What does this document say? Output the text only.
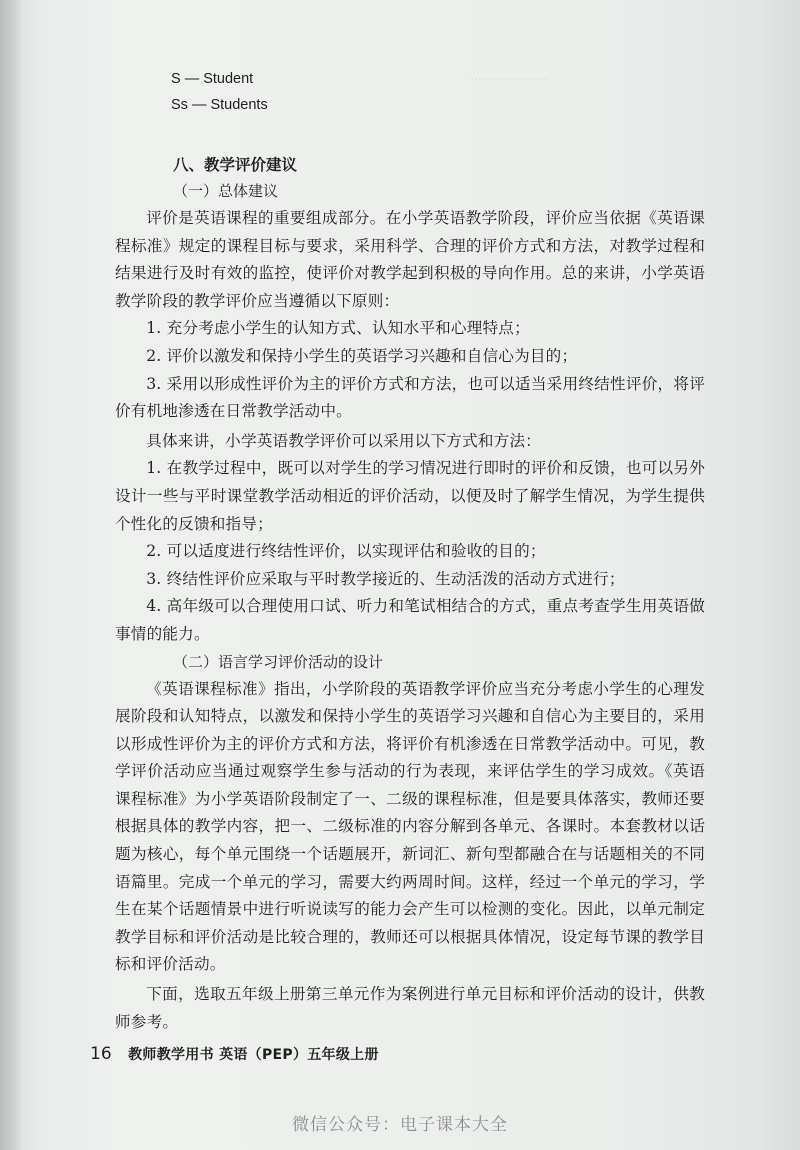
·····················
S — Student
Ss — Students
八、教学评价建议
（一）总体建议

评价是英语课程的重要组成部分。在小学英语教学阶段，评价应当依据《英语课程标准》规定的课程目标与要求，采用科学、合理的评价方式和方法，对教学过程和结果进行及时有效的监控，使评价对教学起到积极的导向作用。总的来讲，小学英语教学阶段的教学评价应当遵循以下原则：

1. 充分考虑小学生的认知方式、认知水平和心理特点；

2. 评价以激发和保持小学生的英语学习兴趣和自信心为目的；

3. 采用以形成性评价为主的评价方式和方法，也可以适当采用终结性评价，将评价有机地渗透在日常教学活动中。

具体来讲，小学英语教学评价可以采用以下方式和方法：

1. 在教学过程中，既可以对学生的学习情况进行即时的评价和反馈，也可以另外设计一些与平时课堂教学活动相近的评价活动，以便及时了解学生情况，为学生提供个性化的反馈和指导；

2. 可以适度进行终结性评价，以实现评估和验收的目的；

3. 终结性评价应采取与平时教学接近的、生动活泼的活动方式进行；

4. 高年级可以合理使用口试、听力和笔试相结合的方式，重点考查学生用英语做事情的能力。

（二）语言学习评价活动的设计

《英语课程标准》指出，小学阶段的英语教学评价应当充分考虑小学生的心理发展阶段和认知特点，以激发和保持小学生的英语学习兴趣和自信心为主要目的，采用以形成性评价为主的评价方式和方法，将评价有机渗透在日常教学活动中。可见，教学评价活动应当通过观察学生参与活动的行为表现，来评估学生的学习成效。《英语课程标准》为小学英语阶段制定了一、二级的课程标准，但是要具体落实，教师还要根据具体的教学内容，把一、二级标准的内容分解到各单元、各课时。本套教材以话题为核心，每个单元围绕一个话题展开，新词汇、新句型都融合在与话题相关的不同语篇里。完成一个单元的学习，需要大约两周时间。这样，经过一个单元的学习，学生在某个话题情景中进行听说读写的能力会产生可以检测的变化。因此，以单元制定教学目标和评价活动是比较合理的，教师还可以根据具体情况，设定每节课的教学目标和评价活动。

下面，选取五年级上册第三单元作为案例进行单元目标和评价活动的设计，供教师参考。

16 教师教学用书 英语（PEP）五年级上册
微信公众号：电子课本大全
